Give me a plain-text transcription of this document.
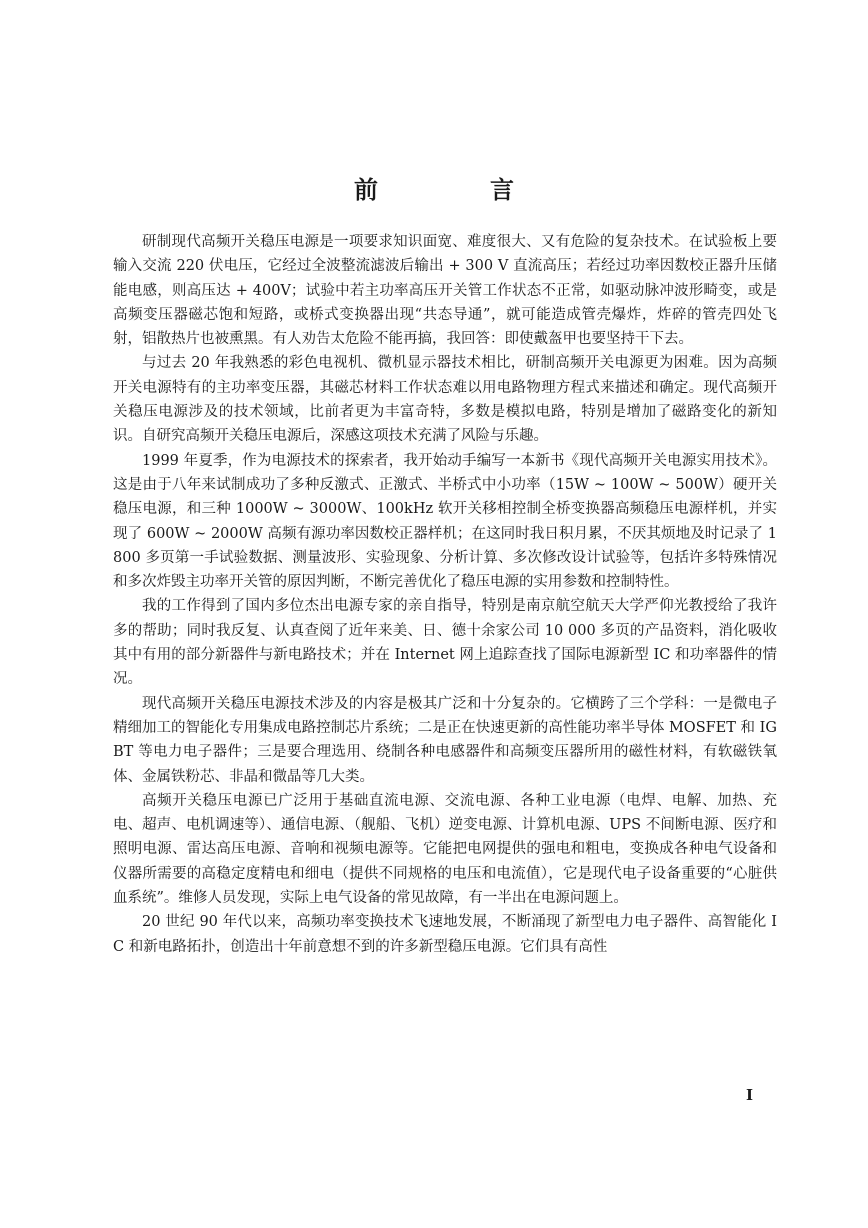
前　言

研制现代高频开关稳压电源是一项要求知识面宽、难度很大、又有危险的复杂技术。在试验板上要输入交流 220 伏电压，它经过全波整流滤波后输出 + 300 V 直流高压；若经过功率因数校正器升压储能电感，则高压达 + 400V；试验中若主功率高压开关管工作状态不正常，如驱动脉冲波形畸变，或是高频变压器磁芯饱和短路，或桥式变换器出现“共态导通”，就可能造成管壳爆炸，炸碎的管壳四处飞射，铝散热片也被熏黑。有人劝告太危险不能再搞，我回答：即使戴盔甲也要坚持干下去。

与过去 20 年我熟悉的彩色电视机、微机显示器技术相比，研制高频开关电源更为困难。因为高频开关电源特有的主功率变压器，其磁芯材料工作状态难以用电路物理方程式来描述和确定。现代高频开关稳压电源涉及的技术领域，比前者更为丰富奇特，多数是模拟电路，特别是增加了磁路变化的新知识。自研究高频开关稳压电源后，深感这项技术充满了风险与乐趣。

1999 年夏季，作为电源技术的探索者，我开始动手编写一本新书《现代高频开关电源实用技术》。这是由于八年来试制成功了多种反激式、正激式、半桥式中小功率（15W ~ 100W ~ 500W）硬开关稳压电源，和三种 1000W ~ 3000W、100kHz 软开关移相控制全桥变换器高频稳压电源样机，并实现了 600W ~ 2000W 高频有源功率因数校正器样机；在这同时我日积月累，不厌其烦地及时记录了 1800 多页第一手试验数据、测量波形、实验现象、分析计算、多次修改设计试验等，包括许多特殊情况和多次炸毁主功率开关管的原因判断，不断完善优化了稳压电源的实用参数和控制特性。

我的工作得到了国内多位杰出电源专家的亲自指导，特别是南京航空航天大学严仰光教授给了我许多的帮助；同时我反复、认真查阅了近年来美、日、德十余家公司 10 000 多页的产品资料，消化吸收其中有用的部分新器件与新电路技术；并在 Internet 网上追踪查找了国际电源新型 IC 和功率器件的情况。

现代高频开关稳压电源技术涉及的内容是极其广泛和十分复杂的。它横跨了三个学科：一是微电子精细加工的智能化专用集成电路控制芯片系统；二是正在快速更新的高性能功率半导体 MOSFET 和 IGBT 等电力电子器件；三是要合理选用、绕制各种电感器件和高频变压器所用的磁性材料，有软磁铁氧体、金属铁粉芯、非晶和微晶等几大类。

高频开关稳压电源已广泛用于基础直流电源、交流电源、各种工业电源（电焊、电解、加热、充电、超声、电机调速等）、通信电源、（舰船、飞机）逆变电源、计算机电源、UPS 不间断电源、医疗和照明电源、雷达高压电源、音响和视频电源等。它能把电网提供的强电和粗电，变换成各种电气设备和仪器所需要的高稳定度精电和细电（提供不同规格的电压和电流值），它是现代电子设备重要的“心脏供血系统”。维修人员发现，实际上电气设备的常见故障，有一半出在电源问题上。

20 世纪 90 年代以来，高频功率变换技术飞速地发展，不断涌现了新型电力电子器件、高智能化 IC 和新电路拓扑，创造出十年前意想不到的许多新型稳压电源。它们具有高性

I
